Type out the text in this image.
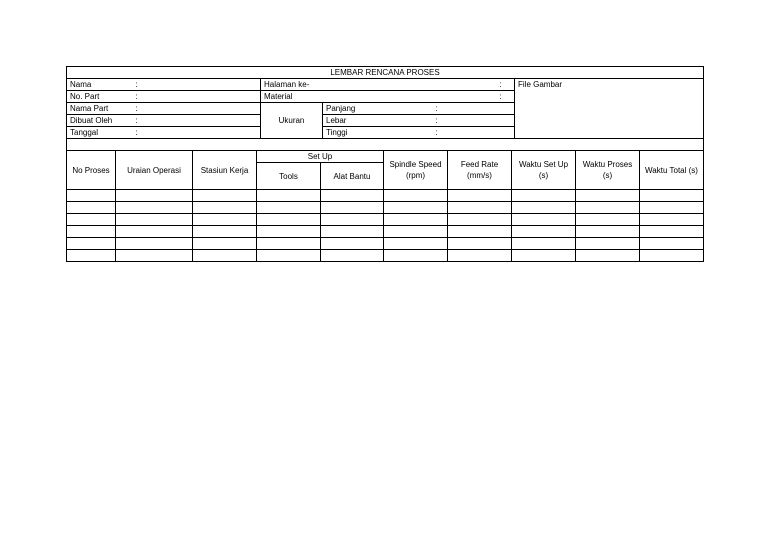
LEMBAR RENCANA PROSES					
Nama	:	Halaman ke-		:	File Gambar
No. Part	:	Material		:	
Nama Part	:	Ukuran	Panjang	:	
Dibuat Oleh	:		Lebar	:	
Tanggal	:		Tinggi	:	

No Proses	Uraian Operasi	Stasiun Kerja	Set Up		Spindle Speed (rpm)	Feed Rate (mm/s)	Waktu Set Up (s)	Waktu Proses (s)	Waktu Total (s)
			Tools	Alat Bantu					
